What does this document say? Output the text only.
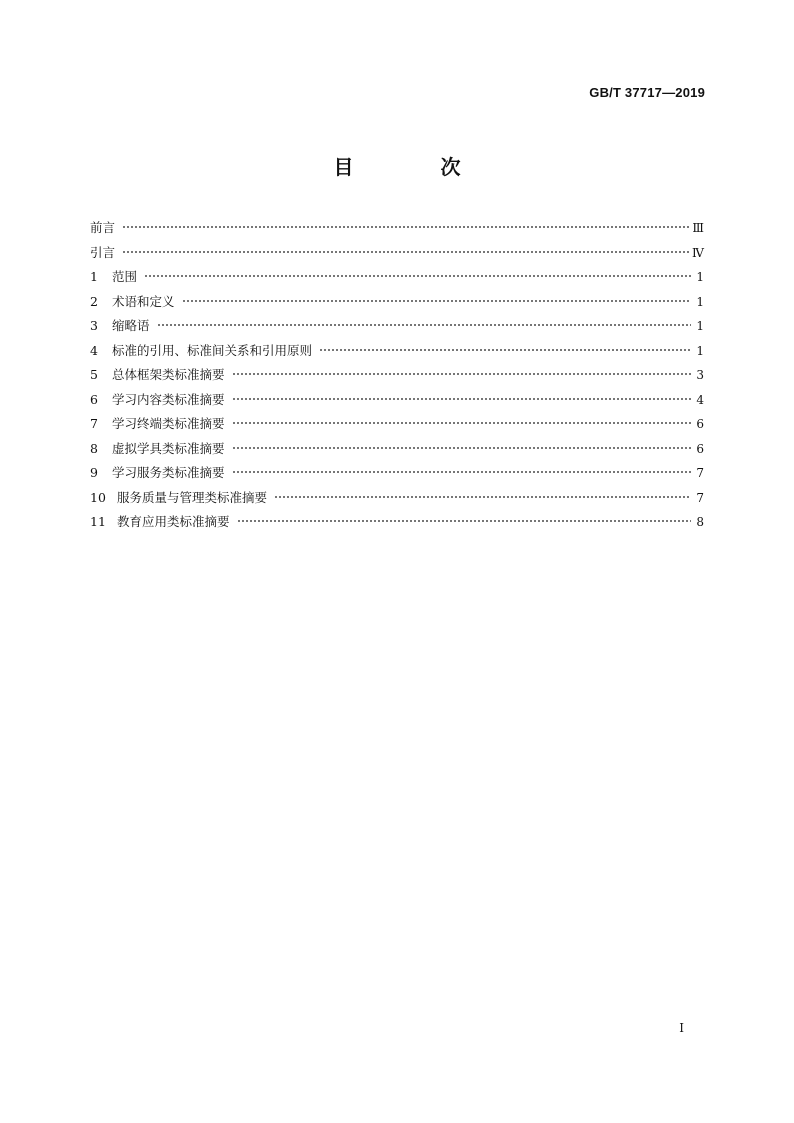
GB/T 37717—2019
目 次
前言	Ⅲ
引言	Ⅳ
1	范围	1
2	术语和定义	1
3	缩略语	1
4	标准的引用、标准间关系和引用原则	1
5	总体框架类标准摘要	3
6	学习内容类标准摘要	4
7	学习终端类标准摘要	6
8	虚拟学具类标准摘要	6
9	学习服务类标准摘要	7
10 服务质量与管理类标准摘要	7
11 教育应用类标准摘要	8
I
